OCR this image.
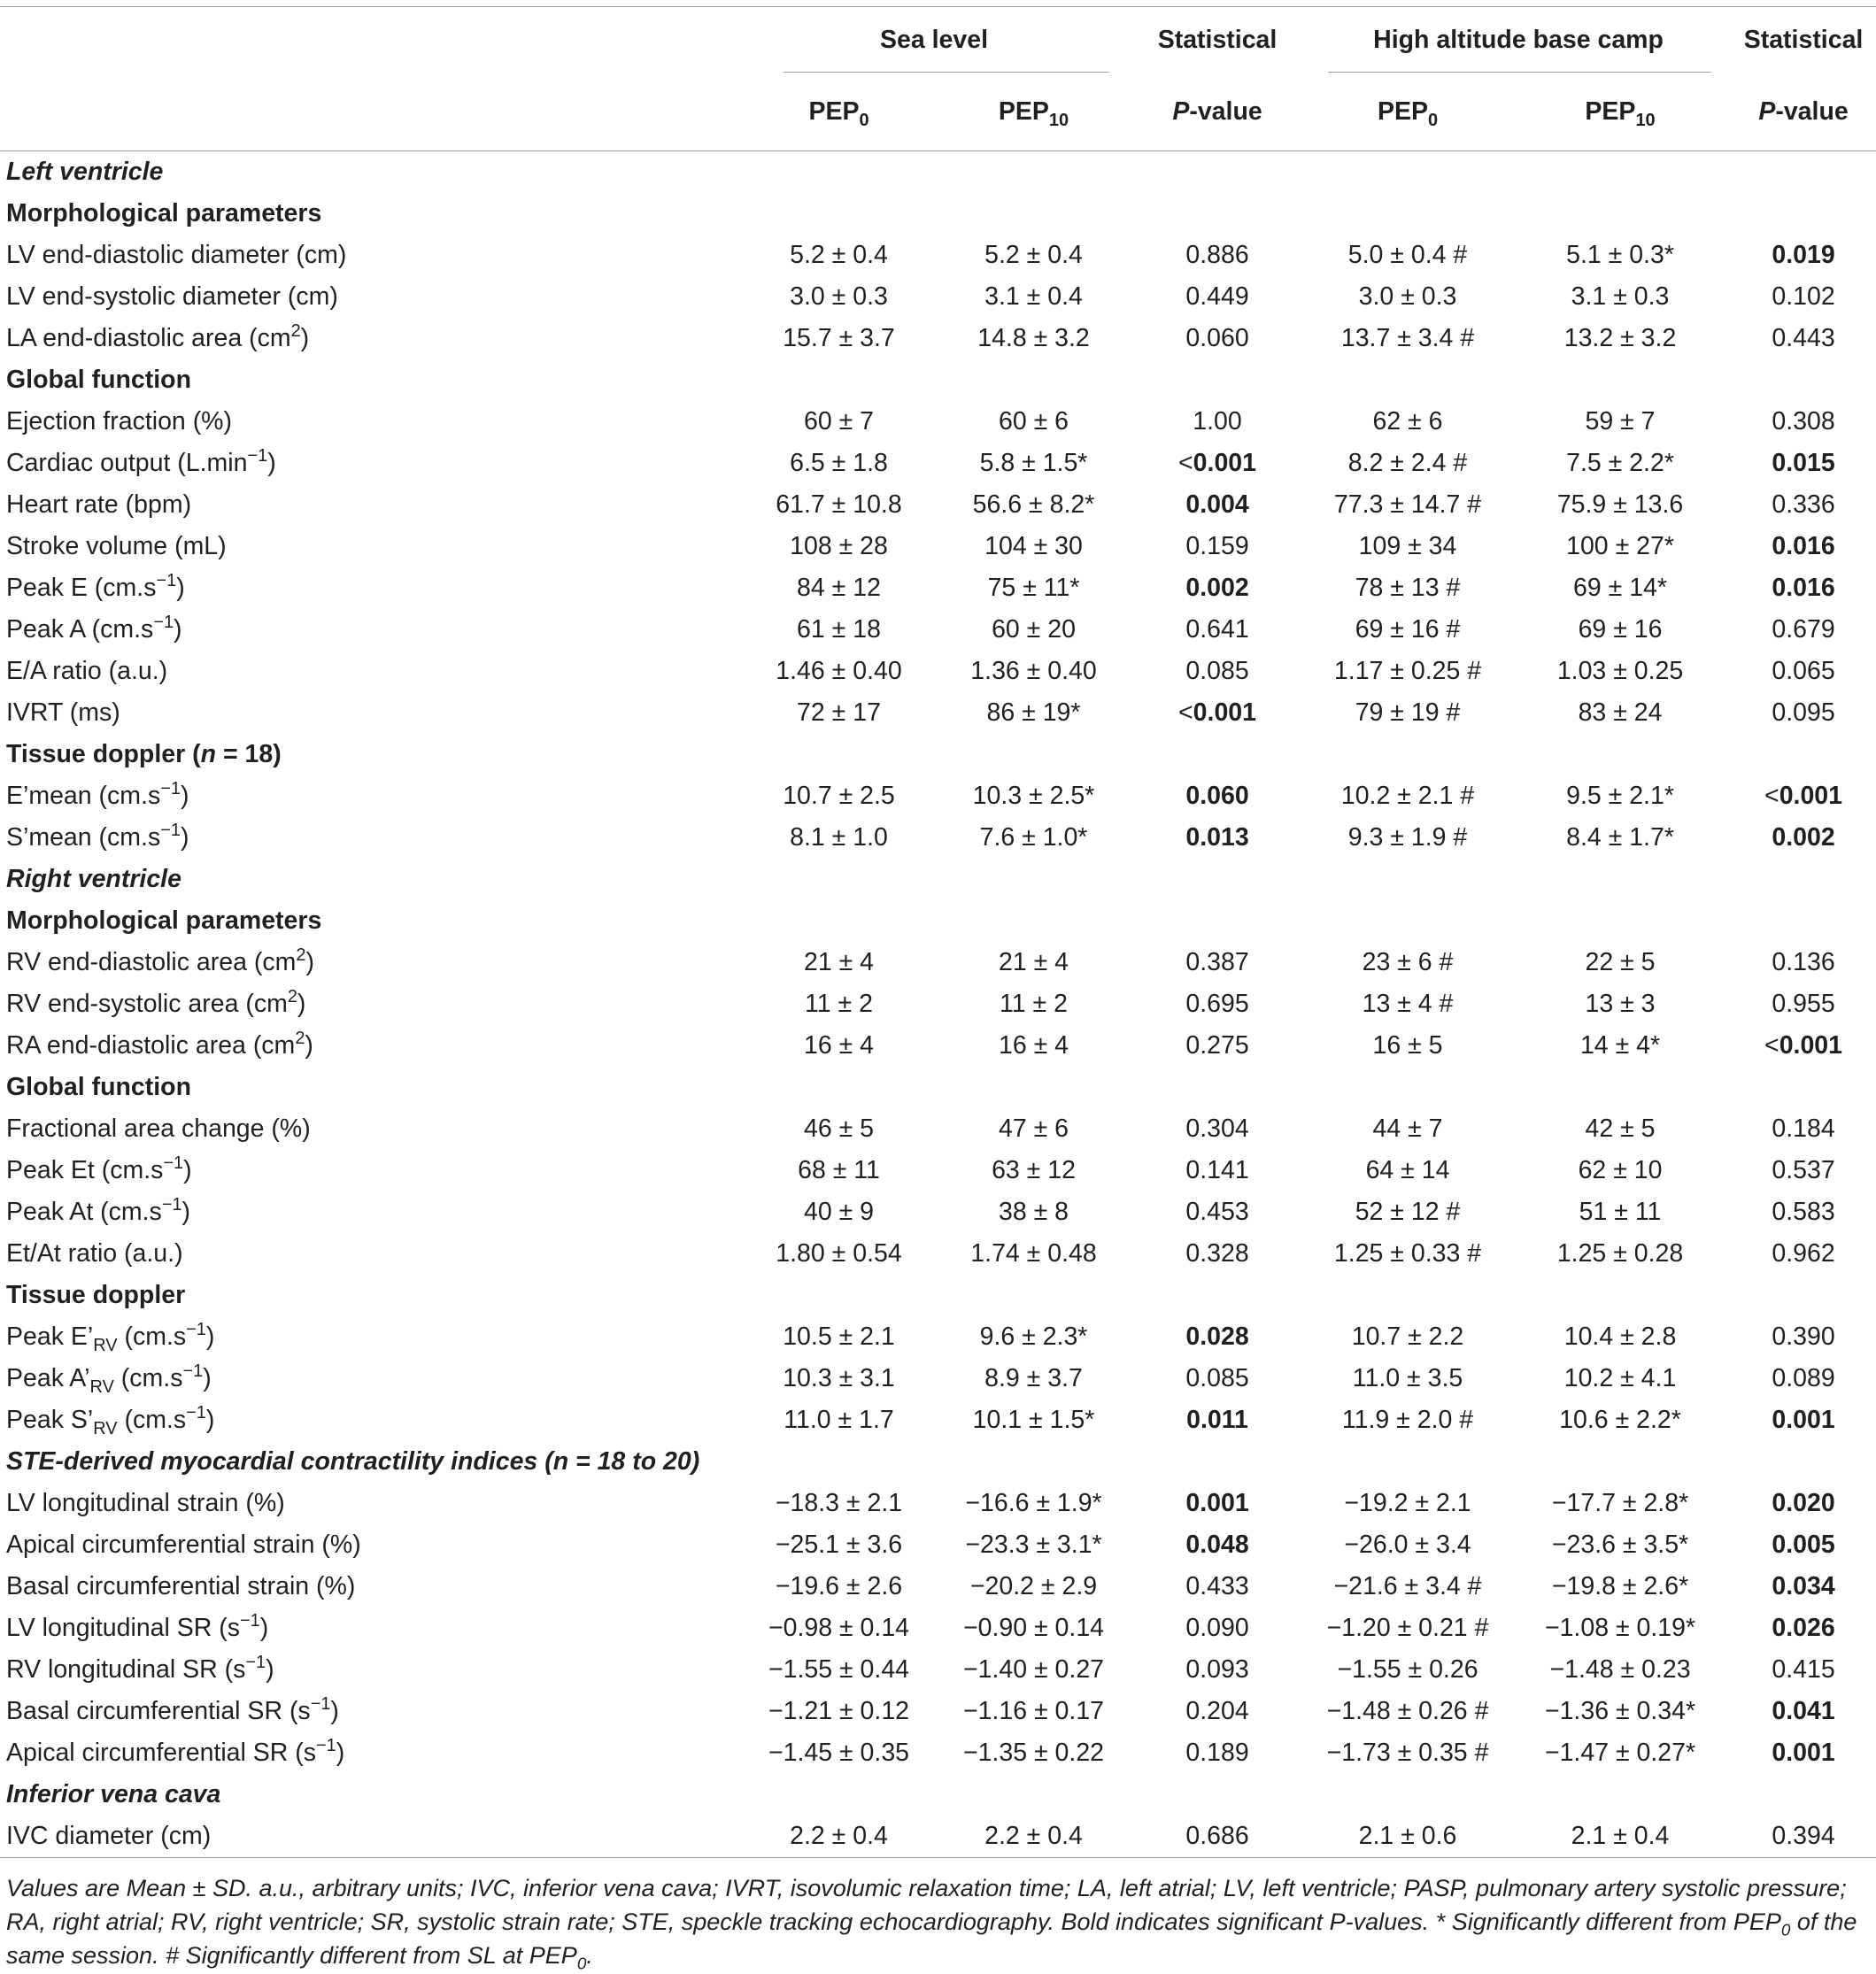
	Sea level		Statistical	High altitude base camp		Statistical
	$PEP_0$	$PEP_{10}$	P-value	$PEP_0$	$PEP_{10}$	P-value
Left ventricle						
Morphological parameters						
LV end-diastolic diameter (cm)	5.2 ± 0.4	5.2 ± 0.4	0.886	5.0 ± 0.4 #	5.1 ± 0.3*	0.019
LV end-systolic diameter (cm)	3.0 ± 0.3	3.1 ± 0.4	0.449	3.0 ± 0.3	3.1 ± 0.3	0.102
LA end-diastolic area $(cm^2)$	15.7 ± 3.7	14.8 ± 3.2	0.060	13.7 ± 3.4 #	13.2 ± 3.2	0.443
Global function						
Ejection fraction (%)	60 ± 7	60 ± 6	1.00	62 ± 6	59 ± 7	0.308
Cardiac output $(L.\min^{-1})$	6.5 ± 1.8	5.8 ± 1.5*	<0.001	8.2 ± 2.4 #	7.5 ± 2.2*	0.015
Heart rate (bpm)	61.7 ± 10.8	56.6 ± 8.2*	0.004	77.3 ± 14.7 #	75.9 ± 13.6	0.336
Stroke volume (mL)	108 ± 28	104 ± 30	0.159	109 ± 34	100 ± 27*	0.016
Peak E $(cm.s^{-1})$	84 ± 12	75 ± 11*	0.002	78 ± 13 #	69 ± 14*	0.016
Peak A $(cm.s^{-1})$	61 ± 18	60 ± 20	0.641	69 ± 16 #	69 ± 16	0.679
E/A ratio (a.u.)	1.46 ± 0.40	1.36 ± 0.40	0.085	1.17 ± 0.25 #	1.03 ± 0.25	0.065
IVRT (ms)	72 ± 17	86 ± 19*	<0.001	79 ± 19 #	83 ± 24	0.095
Tissue doppler (n = 18)						
E’mean $(cm.s^{-1})$	10.7 ± 2.5	10.3 ± 2.5*	0.060	10.2 ± 2.1 #	9.5 ± 2.1*	<0.001
S’mean $(cm.s^{-1})$	8.1 ± 1.0	7.6 ± 1.0*	0.013	9.3 ± 1.9 #	8.4 ± 1.7*	0.002
Right ventricle						
Morphological parameters						
RV end-diastolic area $(cm^2)$	21 ± 4	21 ± 4	0.387	23 ± 6 #	22 ± 5	0.136
RV end-systolic area $(cm^2)$	11 ± 2	11 ± 2	0.695	13 ± 4 #	13 ± 3	0.955
RA end-diastolic area $(cm^2)$	16 ± 4	16 ± 4	0.275	16 ± 5	14 ± 4*	<0.001
Global function						
Fractional area change (%)	46 ± 5	47 ± 6	0.304	44 ± 7	42 ± 5	0.184
Peak Et $(cm.s^{-1})$	68 ± 11	63 ± 12	0.141	64 ± 14	62 ± 10	0.537
Peak At $(cm.s^{-1})$	40 ± 9	38 ± 8	0.453	52 ± 12 #	51 ± 11	0.583
Et/At ratio (a.u.)	1.80 ± 0.54	1.74 ± 0.48	0.328	1.25 ± 0.33 #	1.25 ± 0.28	0.962
Tissue doppler						
Peak $E’_{RV}$ $(cm.s^{-1})$	10.5 ± 2.1	9.6 ± 2.3*	0.028	10.7 ± 2.2	10.4 ± 2.8	0.390
Peak $A’_{RV}$ $(cm.s^{-1})$	10.3 ± 3.1	8.9 ± 3.7	0.085	11.0 ± 3.5	10.2 ± 4.1	0.089
Peak $S’_{RV}$ $(cm.s^{-1})$	11.0 ± 1.7	10.1 ± 1.5*	0.011	11.9 ± 2.0 #	10.6 ± 2.2*	0.001
STE-derived myocardial contractility indices (n = 18 to 20)						
LV longitudinal strain (%)	−18.3 ± 2.1	−16.6 ± 1.9*	0.001	−19.2 ± 2.1	−17.7 ± 2.8*	0.020
Apical circumferential strain (%)	−25.1 ± 3.6	−23.3 ± 3.1*	0.048	−26.0 ± 3.4	−23.6 ± 3.5*	0.005
Basal circumferential strain (%)	−19.6 ± 2.6	−20.2 ± 2.9	0.433	−21.6 ± 3.4 #	−19.8 ± 2.6*	0.034
LV longitudinal SR $(s^{-1})$	−0.98 ± 0.14	−0.90 ± 0.14	0.090	−1.20 ± 0.21 #	−1.08 ± 0.19*	0.026
RV longitudinal SR $(s^{-1})$	−1.55 ± 0.44	−1.40 ± 0.27	0.093	−1.55 ± 0.26	−1.48 ± 0.23	0.415
Basal circumferential SR $(s^{-1})$	−1.21 ± 0.12	−1.16 ± 0.17	0.204	−1.48 ± 0.26 #	−1.36 ± 0.34*	0.041
Apical circumferential SR $(s^{-1})$	−1.45 ± 0.35	−1.35 ± 0.22	0.189	−1.73 ± 0.35 #	−1.47 ± 0.27*	0.001
Inferior vena cava						
IVC diameter (cm)	2.2 ± 0.4	2.2 ± 0.4	0.686	2.1 ± 0.6	2.1 ± 0.4	0.394
Values are Mean ± SD. a.u., arbitrary units; IVC, inferior vena cava; IVRT, isovolumic relaxation time; LA, left atrial; LV, left ventricle; PASP, pulmonary artery systolic pressure; RA, right atrial; RV, right ventricle; SR, systolic strain rate; STE, speckle tracking echocardiography. Bold indicates significant P-values. * Significantly different from $PEP_0$ of the same session. # Significantly different from SL at $PEP_0$.
